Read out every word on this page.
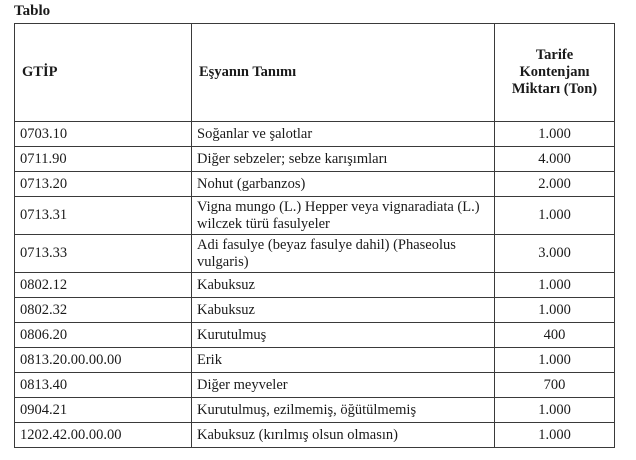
Tablo
GTİP	Eşyanın Tanımı	Tarife Kontenjanı Miktarı (Ton)
0703.10	Soğanlar ve şalotlar	1.000
0711.90	Diğer sebzeler; sebze karışımları	4.000
0713.20	Nohut (garbanzos)	2.000
0713.31	Vigna mungo (L.) Hepper veya vignaradiata (L.) wilczek türü fasulyeler	1.000
0713.33	Adi fasulye (beyaz fasulye dahil) (Phaseolus vulgaris)	3.000
0802.12	Kabuksuz	1.000
0802.32	Kabuksuz	1.000
0806.20	Kurutulmuş	400
0813.20.00.00.00	Erik	1.000
0813.40	Diğer meyveler	700
0904.21	Kurutulmuş, ezilmemiş, öğütülmemiş	1.000
1202.42.00.00.00	Kabuksuz (kırılmış olsun olmasın)	1.000
